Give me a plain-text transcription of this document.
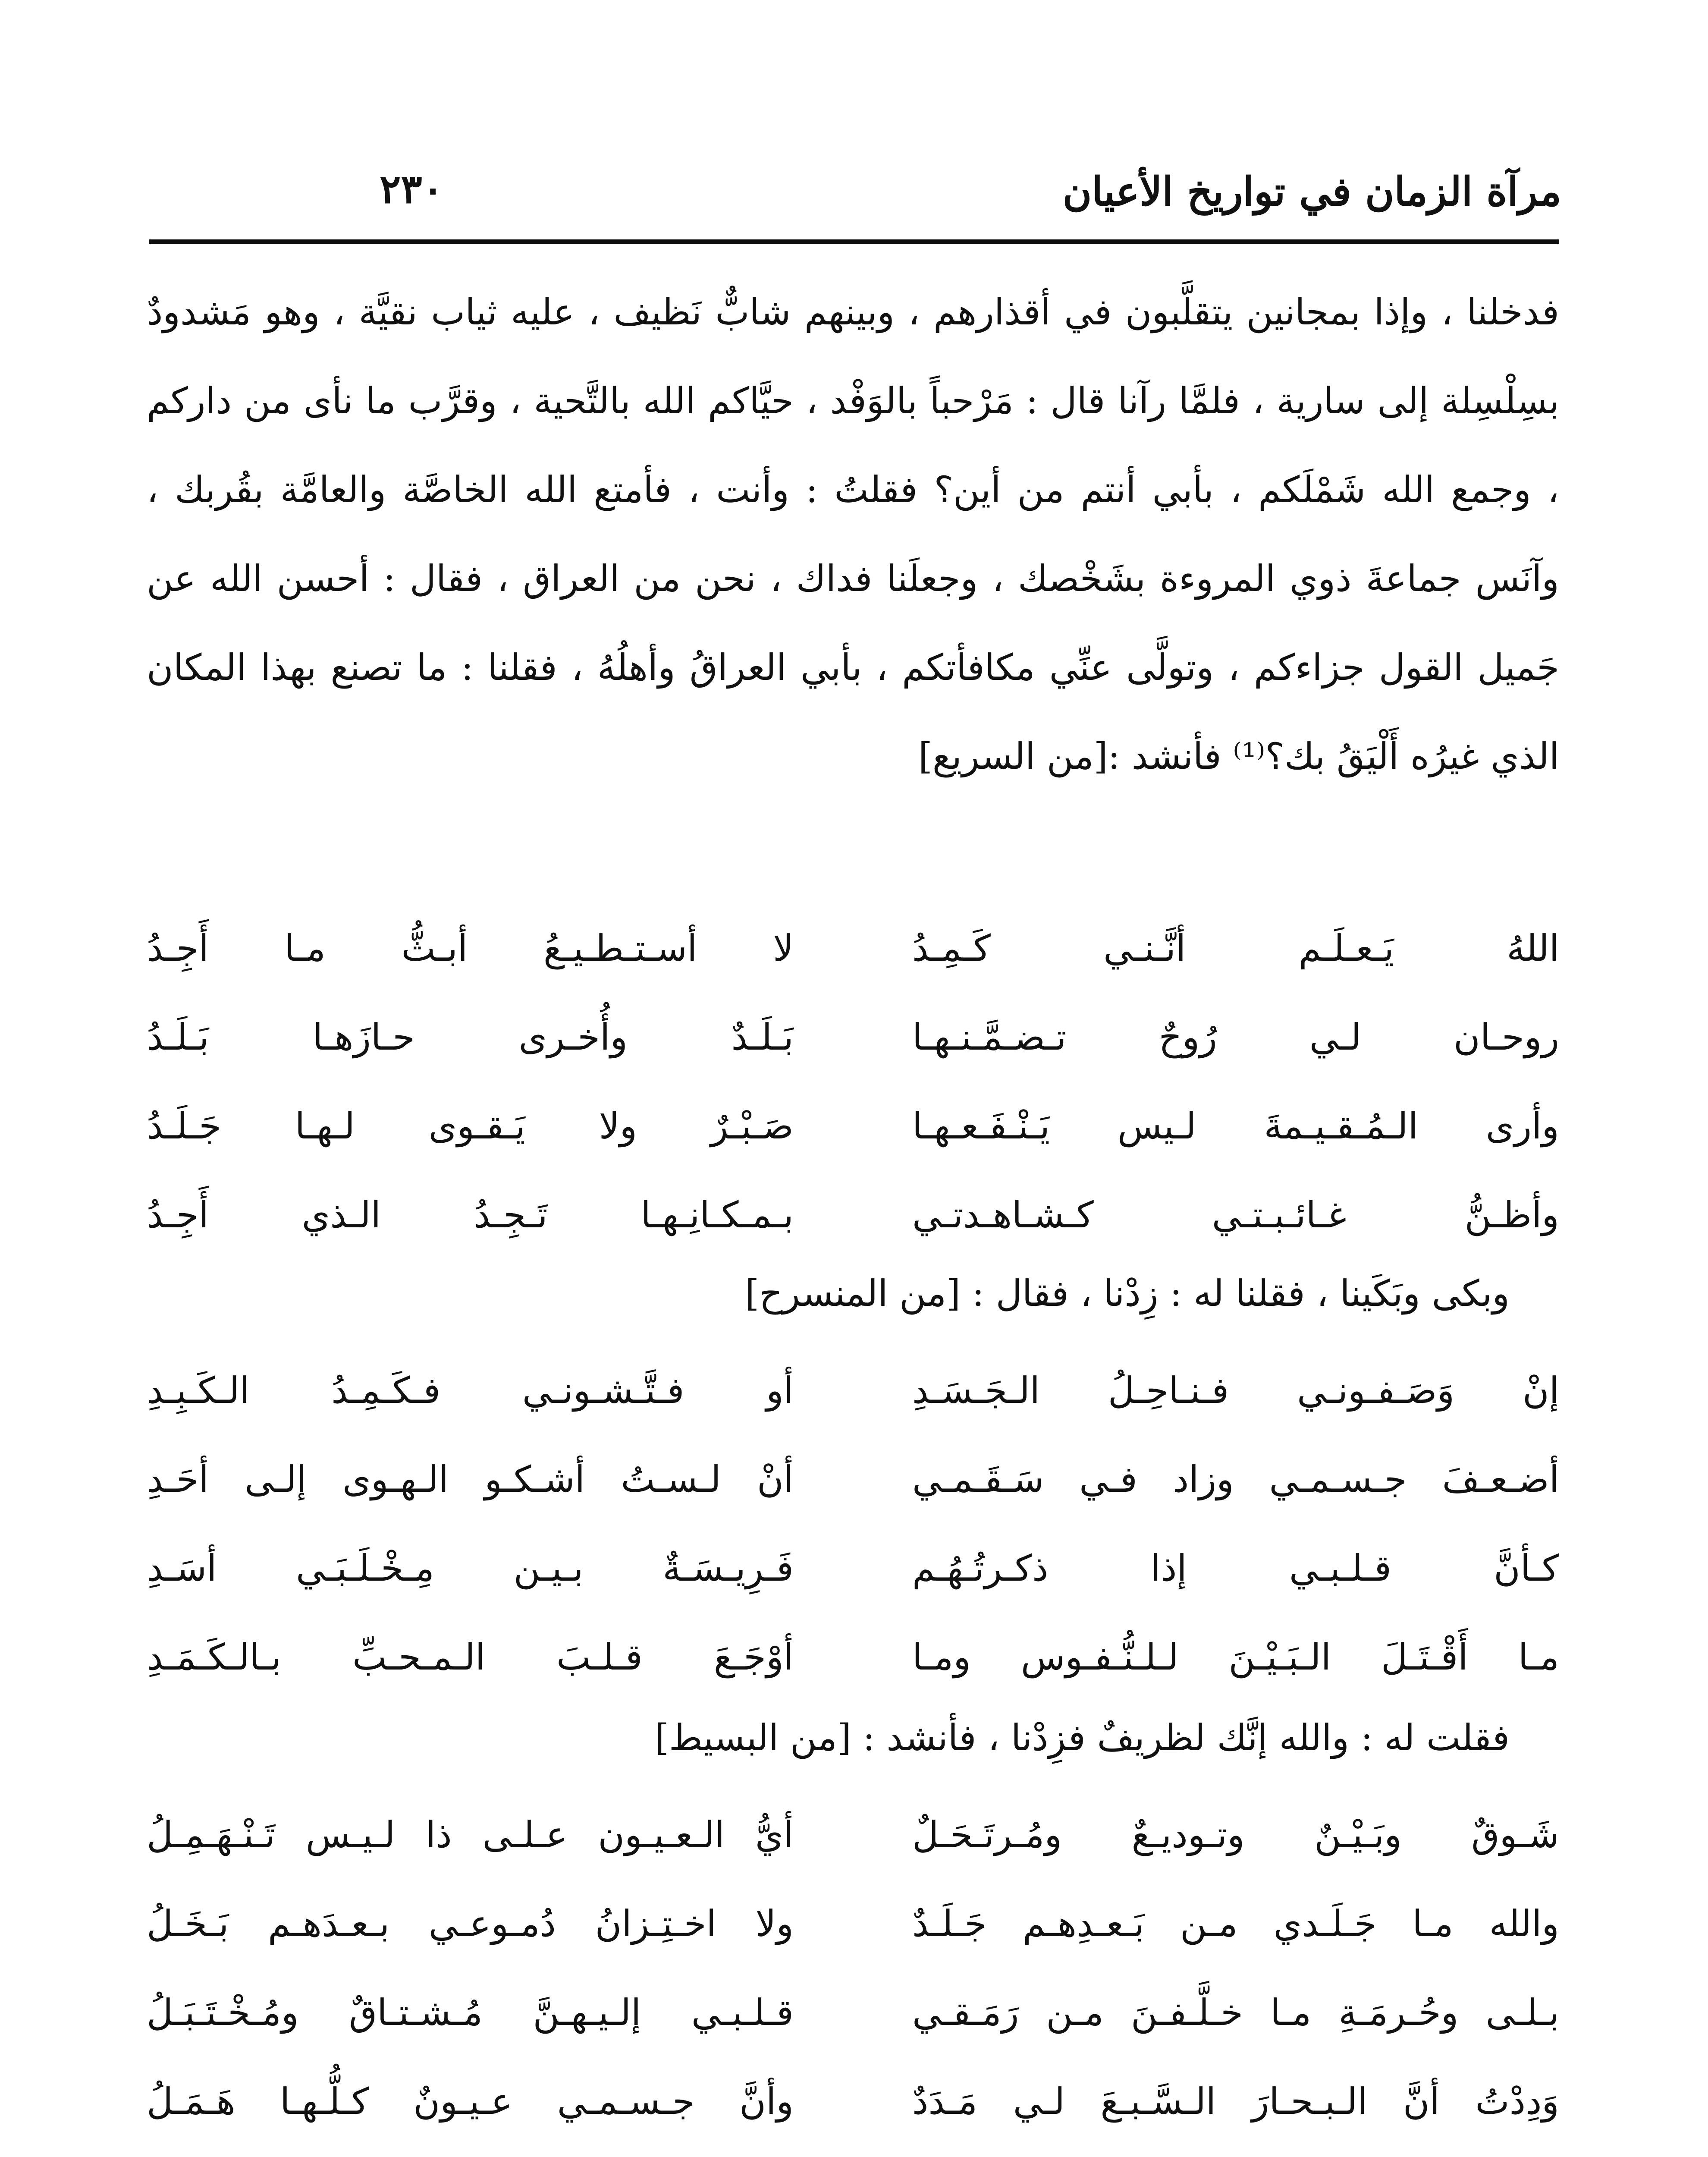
مرآة الزمان في تواريخ الأعيان
٢٣٠
فدخلنا ، وإذا بمجانين يتقلَّبون في أقذارهم ، وبينهم شابٌّ نَظيف ، عليه ثياب نقيَّة ، وهو مَشدودٌ بسِلْسِلة إلى سارية ، فلمَّا رآنا قال : مَرْحباً بالوَفْد ، حيَّاكم الله بالتَّحية ، وقرَّب ما نأى من داركم ، وجمع الله شَمْلَكم ، بأبي أنتم من أين؟ فقلتُ : وأنت ، فأمتع الله الخاصَّة والعامَّة بقُربك ، وآنَس جماعةَ ذوي المروءة بشَخْصك ، وجعلَنا فداك ، نحن من العراق ، فقال : أحسن الله عن جَميل القول جزاءكم ، وتولَّى عنِّي مكافأتكم ، بأبي العراقُ وأهلُهُ ، فقلنا : ما تصنع بهذا المكان الذي غيرُه أَلْيَقُ بك؟⁽¹⁾ فأنشد :[من السريع]
اللهُ يَـعـلَـم أنَّـنـي كَـمِـدُ
لا أسـتـطـيـعُ أبـثُّ مـا أَجِـدُ
روحـان لـي رُوحٌ تـضـمَّـنـهـا
بَـلَـدٌ وأُخـرى حـازَهـا بَـلَـدُ
وأرى الـمُـقـيـمةَ لـيس يَـنْـفَـعـهـا
صَـبْـرٌ ولا يَـقـوى لـهـا جَـلَـدُ
وأظـنُّ غـائـبـتـي كـشـاهـدتـي
بـمـكـانِـهـا تَـجِـدُ الـذي أَجِـدُ
وبكى وبَكَينا ، فقلنا له : زِدْنا ، فقال : [من المنسرح]
إنْ وَصَـفـونـي فـنـاحِـلُ الـجَـسَـدِ
أو فـتَّـشـونـي فـكَـمِـدُ الـكَـبِـدِ
أضـعـفَ جـسـمـي وزاد فـي سَـقَـمـي
أنْ لـسـتُ أشـكـو الـهـوى إلـى أحَـدِ
كـأنَّ قـلـبـي إذا ذكـرتُـهُـم
فَـرِيـسَـةٌ بـيـن مِـخْـلَـبَـي أسَـدِ
مـا أَقْـتَـلَ الـبَـيْـنَ لـلـنُّـفـوس ومـا
أوْجَـعَ قـلـبَ الـمـحـبِّ بـالـكَـمَـدِ
فقلت له : والله إنَّك لظريفٌ فزِدْنا ، فأنشد : [من البسيط]
شَـوقٌ وبَـيْـنٌ وتـوديـعٌ ومُـرتَـحَـلٌ
أيُّ الـعـيـون عـلـى ذا لـيـس تَـنْـهَـمِـلُ
والله مـا جَـلَـدي مـن بَـعـدِهـم جَـلَـدٌ
ولا اخـتِـزانُ دُمـوعـي بـعـدَهـم بَـخَـلُ
بـلـى وحُـرمَـةِ مـا خـلَّـفـنَ مـن رَمَـقـي
قـلـبـي إلـيـهـنَّ مُـشـتـاقٌ ومُـخْـتَـبَـلُ
وَدِدْتُ أنَّ الـبـحـارَ الـسَّـبـعَ لـي مَـدَدٌ
وأنَّ جـسـمـي عـيـونٌ كـلُّـهـا هَـمَـلُ
